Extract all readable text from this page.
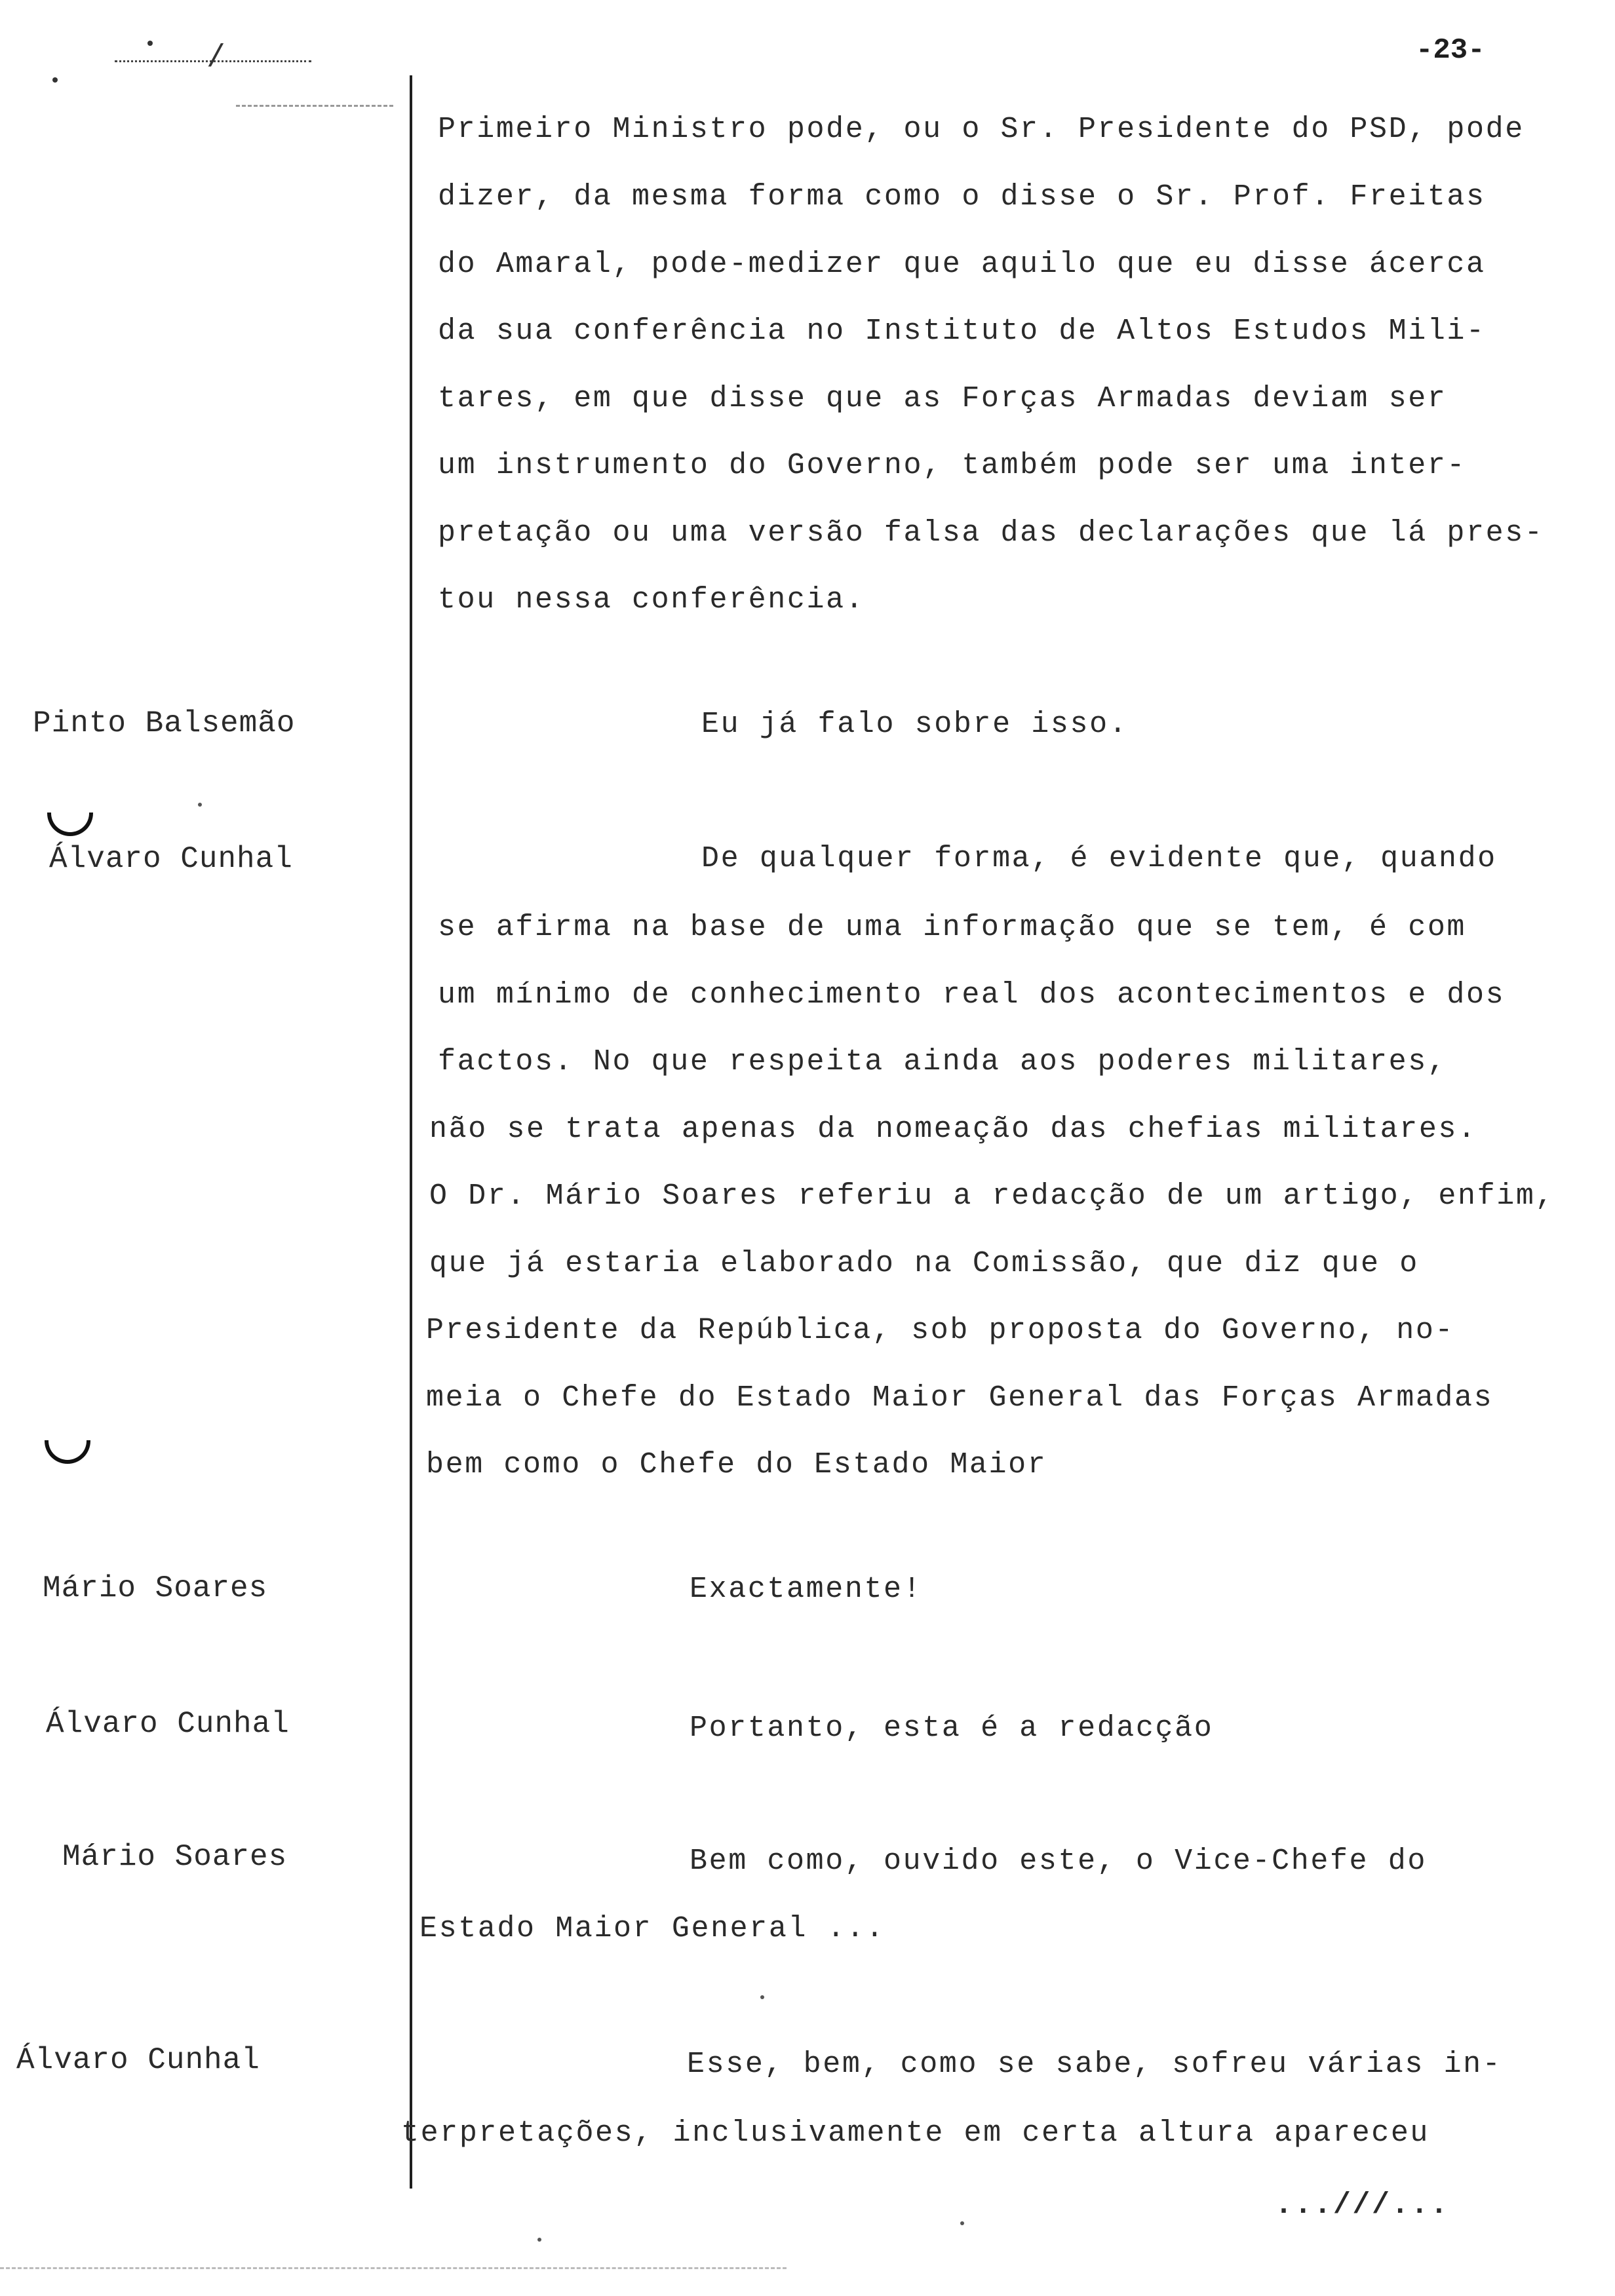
-23-
/
Primeiro Ministro pode, ou o Sr. Presidente do PSD, pode
dizer, da mesma forma como o disse o Sr. Prof. Freitas
do Amaral, pode-medizer que aquilo que eu disse ácerca
da sua conferência no Instituto de Altos Estudos Mili-
tares, em que disse que as Forças Armadas deviam ser
um instrumento do Governo, também pode ser uma inter-
pretação ou uma versão falsa das declarações que lá pres-
tou nessa conferência.
Pinto Balsemão	Eu já falo sobre isso.
Álvaro Cunhal	De qualquer forma, é evidente que, quando
se afirma na base de uma informação que se tem, é com
um mínimo de conhecimento real dos acontecimentos e dos
factos. No que respeita ainda aos poderes militares,
não se trata apenas da nomeação das chefias militares.
O Dr. Mário Soares referiu a redacção de um artigo, enfim,
que já estaria elaborado na Comissão, que diz que o
Presidente da República, sob proposta do Governo, no-
meia o Chefe do Estado Maior General das Forças Armadas
bem como o Chefe do Estado Maior
Mário Soares	Exactamente!
Álvaro Cunhal	Portanto, esta é a redacção
Mário Soares	Bem como, ouvido este, o Vice-Chefe do
Estado Maior General ...
Álvaro Cunhal	Esse, bem, como se sabe, sofreu várias in-
terpretações, inclusivamente em certa altura apareceu
...///...
